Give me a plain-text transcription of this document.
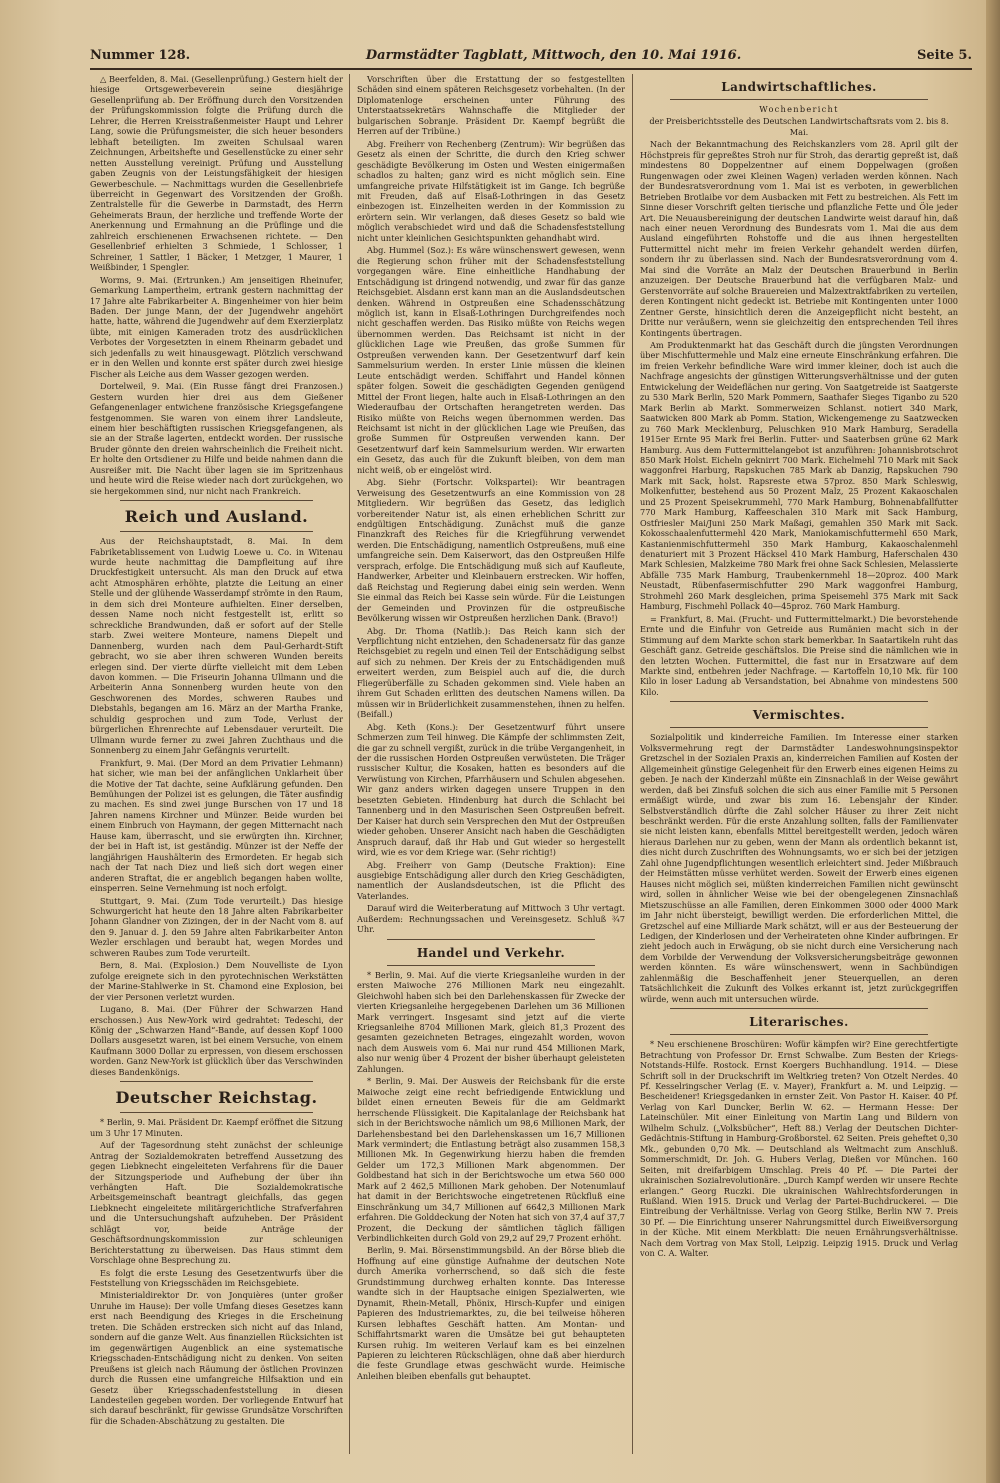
Nummer 128.	Darmstädter Tagblatt, Mittwoch, den 10. Mai 1916.	Seite 5.

△ Beerfelden, 8. Mai. (Gesellenprüfung.) Gestern hielt der hiesige Ortsgewerbeverein seine diesjährige Gesellenprüfung ab. Der Eröffnung durch den Vorsitzenden der Prüfungskommission folgte die Prüfung durch die Lehrer, die Herren Kreisstraßenmeister Haupt und Lehrer Lang, sowie die Prüfungsmeister, die sich heuer besonders lebhaft beteiligten. Im zweiten Schulsaal waren Zeichnungen, Arbeitshefte und Gesellenstücke zu einer sehr netten Ausstellung vereinigt. Prüfung und Ausstellung gaben Zeugnis von der Leistungsfähigkeit der hiesigen Gewerbeschule. — Nachmittags wurden die Gesellenbriefe überreicht in Gegenwart des Vorsitzenden der Großh. Zentralstelle für die Gewerbe in Darmstadt, des Herrn Geheimerats Braun, der herzliche und treffende Worte der Anerkennung und Ermahnung an die Prüflinge und die zahlreich erschienenen Erwachsenen richtete. — Den Gesellenbrief erhielten 3 Schmiede, 1 Schlosser, 1 Schreiner, 1 Sattler, 1 Bäcker, 1 Metzger, 1 Maurer, 1 Weißbinder, 1 Spengler.

Worms, 9. Mai. (Ertrunken.) Am jenseitigen Rheinufer, Gemarkung Lampertheim, ertrank gestern nachmittag der 17 Jahre alte Fabrikarbeiter A. Bingenheimer von hier beim Baden. Der junge Mann, der der Jugendwehr angehört hatte, hatte, während die Jugendwehr auf dem Exerzierplatz übte, mit einigen Kameraden trotz des ausdrücklichen Verbotes der Vorgesetzten in einem Rheinarm gebadet und sich jedenfalls zu weit hinausgewagt. Plötzlich verschwand er in den Wellen und konnte erst später durch zwei hiesige Fischer als Leiche aus dem Wasser gezogen werden.

Dortelweil, 9. Mai. (Ein Russe fängt drei Franzosen.) Gestern wurden hier drei aus dem Gießener Gefangenenlager entwichene französische Kriegsgefangene festgenommen. Sie waren von einem ihrer Landsleute, einem hier beschäftigten russischen Kriegsgefangenen, als sie an der Straße lagerten, entdeckt worden. Der russische Bruder gönnte den dreien wahrscheinlich die Freiheit nicht. Er holte den Ortsdiener zu Hilfe und beide nahmen dann die Ausreißer mit. Die Nacht über lagen sie im Spritzenhaus und heute wird die Reise wieder nach dort zurückgehen, wo sie hergekommen sind, nur nicht nach Frankreich.

Reich und Ausland.

Aus der Reichshauptstadt, 8. Mai. In dem Fabriketablissement von Ludwig Loewe u. Co. in Witenau wurde heute nachmittag die Dampfleitung auf ihre Druckfestigkeit untersucht. Als man den Druck auf etwa acht Atmosphären erhöhte, platzte die Leitung an einer Stelle und der glühende Wasserdampf strömte in den Raum, in dem sich drei Monteure aufhielten. Einer derselben, dessen Name noch nicht festgestellt ist, erlitt so schreckliche Brandwunden, daß er sofort auf der Stelle starb. Zwei weitere Monteure, namens Diepelt und Dannenberg, wurden nach dem Paul-Gerhardt-Stift gebracht, wo sie aber ihren schweren Wunden bereits erlegen sind. Der vierte dürfte vielleicht mit dem Leben davon kommen. — Die Friseurin Johanna Ullmann und die Arbeiterin Anna Sonnenberg wurden heute von den Geschworenen des Mordes, schweren Raubes und Diebstahls, begangen am 16. März an der Martha Franke, schuldig gesprochen und zum Tode, Verlust der bürgerlichen Ehrenrechte auf Lebensdauer verurteilt. Die Ullmann wurde ferner zu zwei Jahren Zuchthaus und die Sonnenberg zu einem Jahr Gefängnis verurteilt.

Frankfurt, 9. Mai. (Der Mord an dem Privatier Lehmann) hat sicher, wie man bei der anfänglichen Unklarheit über die Motive der Tat dachte, seine Aufklärung gefunden. Den Bemühungen der Polizei ist es gelungen, die Täter ausfindig zu machen. Es sind zwei junge Burschen von 17 und 18 Jahren namens Kirchner und Münzer. Beide wurden bei einem Einbruch von Haymann, der gegen Mitternacht nach Hause kam, überrascht, und sie erwürgten ihn. Kirchner, der bei in Haft ist, ist geständig. Münzer ist der Neffe der langjährigen Haushälterin des Ermordeten. Er hegab sich nach der Tat nach Diez und ließ sich dort wegen einer anderen Straftat, die er angeblich begangen haben wollte, einsperren. Seine Vernehmung ist noch erfolgt.

Stuttgart, 9. Mai. (Zum Tode verurteilt.) Das hiesige Schwurgericht hat heute den 18 Jahre alten Fabrikarbeiter Johann Glandner von Zizingen, der in der Nacht vom 8. auf den 9. Januar d. J. den 59 Jahre alten Fabrikarbeiter Anton Wezler erschlagen und beraubt hat, wegen Mordes und schweren Raubes zum Tode verurteilt.

Bern, 8. Mai. (Explosion.) Dem Nouvelliste de Lyon zufolge ereignete sich in den pyrotechnischen Werkstätten der Marine-Stahlwerke in St. Chamond eine Explosion, bei der vier Personen verletzt wurden.

Lugano, 8. Mai. (Der Führer der Schwarzen Hand erschossen.) Aus New-York wird gedrahtet: Tedeschi, der König der „Schwarzen Hand“-Bande, auf dessen Kopf 1000 Dollars ausgesetzt waren, ist bei einem Versuche, von einem Kaufmann 3000 Dollar zu erpressen, von diesem erschossen worden. Ganz New-York ist glücklich über das Verschwinden dieses Bandenkönigs.

Deutscher Reichstag.

* Berlin, 9. Mai. Präsident Dr. Kaempf eröffnet die Sitzung um 3 Uhr 17 Minuten.

Auf der Tagesordnung steht zunächst der schleunige Antrag der Sozialdemokraten betreffend Aussetzung des gegen Liebknecht eingeleiteten Verfahrens für die Dauer der Sitzungsperiode und Aufhebung der über ihn verhängten Haft. Die Sozialdemokratische Arbeitsgemeinschaft beantragt gleichfalls, das gegen Liebknecht eingeleitete militärgerichtliche Strafverfahren und die Untersuchungshaft aufzuheben. Der Präsident schlägt vor, beide Anträge der Geschäftsordnungskommission zur schleunigen Berichterstattung zu überweisen. Das Haus stimmt dem Vorschlage ohne Besprechung zu.

Es folgt die erste Lesung des Gesetzentwurfs über die Feststellung von Kriegsschäden im Reichsgebiete.

Ministerialdirektor Dr. von Jonquières (unter großer Unruhe im Hause): Der volle Umfang dieses Gesetzes kann erst nach Beendigung des Krieges in die Erscheinung treten. Die Schäden erstrecken sich nicht auf das Inland, sondern auf die ganze Welt. Aus finanziellen Rücksichten ist im gegenwärtigen Augenblick an eine systematische Kriegsschaden-Entschädigung nicht zu denken. Von seiten Preußens ist gleich nach Räumung der östlichen Provinzen durch die Russen eine umfangreiche Hilfsaktion und ein Gesetz über Kriegsschadenfeststellung in diesen Landesteilen gegeben worden. Der vorliegende Entwurf hat sich darauf beschränkt, für gewisse Grundsätze Vorschriften für die Schaden-Abschätzung zu gestalten. Die

Vorschriften über die Erstattung der so festgestellten Schäden sind einem späteren Reichsgesetz vorbehalten. (In der Diplomatenloge erscheinen unter Führung des Unterstaatssekretärs Wahnschaffe die Mitglieder der bulgarischen Sobranje. Präsident Dr. Kaempf begrüßt die Herren auf der Tribüne.)

Abg. Freiherr von Rechenberg (Zentrum): Wir begrüßen das Gesetz als einen der Schritte, die durch den Krieg schwer geschädigte Bevölkerung im Osten und Westen einigermaßen schadlos zu halten; ganz wird es nicht möglich sein. Eine umfangreiche private Hilfstätigkeit ist im Gange. Ich begrüße mit Freuden, daß auf Elsaß-Lothringen in das Gesetz einbezogen ist. Einzelheiten werden in der Kommission zu erörtern sein. Wir verlangen, daß dieses Gesetz so bald wie möglich verabschiedet wird und daß die Schadensfeststellung nicht unter kleinlichen Gesichtspunkten gehandhabt wird.

Abg. Hummel (Soz.): Es wäre wünschenswert gewesen, wenn die Regierung schon früher mit der Schadensfeststellung vorgegangen wäre. Eine einheitliche Handhabung der Entschädigung ist dringend notwendig, und zwar für das ganze Reichsgebiet. Alsdann erst kann man an die Auslandsdeutschen denken. Während in Ostpreußen eine Schadensschätzung möglich ist, kann in Elsaß-Lothringen Durchgreifendes noch nicht geschaffen werden. Das Risiko müßte von Reichs wegen übernommen werden. Das Reichsamt ist nicht in der glücklichen Lage wie Preußen, das große Summen für Ostpreußen verwenden kann. Der Gesetzentwurf darf kein Sammelsurium werden. In erster Linie müssen die kleinen Leute entschädigt werden. Schiffahrt und Handel können später folgen. Soweit die geschädigten Gegenden genügend Mittel der Front liegen, halte auch in Elsaß-Lothringen an den Wiederaufbau der Ortschaften herangetreten werden. Das Risiko müßte von Reichs wegen übernommen werden. Das Reichsamt ist nicht in der glücklichen Lage wie Preußen, das große Summen für Ostpreußen verwenden kann. Der Gesetzentwurf darf kein Sammelsurium werden. Wir erwarten ein Gesetz, das auch für die Zukunft bleiben, von dem man nicht weiß, ob er eingelöst wird.

Abg. Siehr (Fortschr. Volkspartei): Wir beantragen Verweisung des Gesetzentwurfs an eine Kommission von 28 Mitgliedern. Wir begrüßen das Gesetz, das lediglich vorbereitender Natur ist, als einen erheblichen Schritt zur endgültigen Entschädigung. Zunächst muß die ganze Finanzkraft des Reiches für die Kriegführung verwendet werden. Die Entschädigung, namentlich Ostpreußens, muß eine umfangreiche sein. Dem Kaiserwort, das den Ostpreußen Hilfe versprach, erfolge. Die Entschädigung muß sich auf Kaufleute, Handwerker, Arbeiter und Kleinbauern erstrecken. Wir hoffen, daß Reichstag und Regierung dabei einig sein werden. Wenn Sie einmal das Reich bei Kasse sein würde. Für die Leistungen der Gemeinden und Provinzen für die ostpreußische Bevölkerung wissen wir Ostpreußen herzlichen Dank. (Bravo!)

Abg. Dr. Thoma (Natlib.): Das Reich kann sich der Verpflichtung nicht entziehen, den Schadenersatz für das ganze Reichsgebiet zu regeln und einen Teil der Entschädigung selbst auf sich zu nehmen. Der Kreis der zu Entschädigenden muß erweitert werden, zum Beispiel auch auf die, die durch Fliegerüberfälle zu Schaden gekommen sind. Viele haben an ihrem Gut Schaden erlitten des deutschen Namens willen. Da müssen wir in Brüderlichkeit zusammenstehen, ihnen zu helfen. (Beifall.)

Abg. Keth (Kons.): Der Gesetzentwurf führt unsere Schmerzen zum Teil hinweg. Die Kämpfe der schlimmsten Zeit, die gar zu schnell vergißt, zurück in die trübe Vergangenheit, in der die russischen Horden Ostpreußen verwüsteten. Die Träger russischer Kultur, die Kosaken, hatten es besonders auf die Verwüstung von Kirchen, Pfarrhäusern und Schulen abgesehen. Wir ganz anders wirken dagegen unsere Truppen in den besetzten Gebieten. Hindenburg hat durch die Schlacht bei Tannenberg und in den Masurischen Seen Ostpreußen befreit. Der Kaiser hat durch sein Versprechen den Mut der Ostpreußen wieder gehoben. Unserer Ansicht nach haben die Geschädigten Anspruch darauf, daß ihr Hab und Gut wieder so hergestellt wird, wie es vor dem Kriege war. (Sehr richtig!)

Abg. Freiherr von Gamp (Deutsche Fraktion): Eine ausgiebige Entschädigung aller durch den Krieg Geschädigten, namentlich der Auslandsdeutschen, ist die Pflicht des Vaterlandes.

Darauf wird die Weiterberatung auf Mittwoch 3 Uhr vertagt. Außerdem: Rechnungssachen und Vereinsgesetz. Schluß ¾7 Uhr.

Handel und Verkehr.

* Berlin, 9. Mai. Auf die vierte Kriegsanleihe wurden in der ersten Maiwoche 276 Millionen Mark neu eingezahlt. Gleichwohl haben sich bei den Darlehenskassen für Zwecke der vierten Kriegsanleihe hergegebenen Darlehen um 36 Millionen Mark verringert. Insgesamt sind jetzt auf die vierte Kriegsanleihe 8704 Millionen Mark, gleich 81,3 Prozent des gesamten gezeichneten Betrages, eingezahlt worden, wovon nach dem Ausweis vom 6. Mai nur rund 454 Millionen Mark, also nur wenig über 4 Prozent der bisher überhaupt geleisteten Zahlungen.

* Berlin, 9. Mai. Der Ausweis der Reichsbank für die erste Maiwoche zeigt eine recht befriedigende Entwicklung und bildet einen erneuten Beweis für die am Geldmarkt herrschende Flüssigkeit. Die Kapitalanlage der Reichsbank hat sich in der Berichtswoche nämlich um 98,6 Millionen Mark, der Darlehensbestand bei den Darlehenskassen um 16,7 Millionen Mark vermindert; die Entlastung beträgt also zusammen 158,3 Millionen Mk. In Gegenwirkung hierzu haben die fremden Gelder um 172,3 Millionen Mark abgenommen. Der Goldbestand hat sich in der Berichtswoche um etwa 560 000 Mark auf 2 462,5 Millionen Mark gehoben. Der Notenumlauf hat damit in der Berichtswoche eingetretenen Rückfluß eine Einschränkung um 34,7 Millionen auf 6642,3 Millionen Mark erfahren. Die Golddeckung der Noten hat sich von 37,4 auf 37,7 Prozent, die Deckung der sämtlichen täglich fälligen Verbindlichkeiten durch Gold von 29,2 auf 29,7 Prozent erhöht.

Berlin, 9. Mai. Börsenstimmungsbild. An der Börse blieb die Hoffnung auf eine günstige Aufnahme der deutschen Note durch Amerika vorherrschend, so daß sich die feste Grundstimmung durchweg erhalten konnte. Das Interesse wandte sich in der Hauptsache einigen Spezialwerten, wie Dynamit, Rhein-Metall, Phönix, Hirsch-Kupfer und einigen Papieren des Industriemarktes, zu, die bei teilweise höheren Kursen lebhaftes Geschäft hatten. Am Montan- und Schiffahrtsmarkt waren die Umsätze bei gut behaupteten Kursen ruhig. Im weiteren Verlauf kam es bei einzelnen Papieren zu leichteren Rückschlägen, ohne daß aber hierdurch die feste Grundlage etwas geschwächt wurde. Heimische Anleihen bleiben ebenfalls gut behauptet.

Landwirtschaftliches.
Wochenbericht
der Preisberichtsstelle des Deutschen Landwirtschaftsrats vom 2. bis 8. Mai.

Nach der Bekanntmachung des Reichskanzlers vom 28. April gilt der Höchstpreis für gepreßtes Stroh nur für Stroh, das derartig gepreßt ist, daß mindestens 80 Doppelzentner auf einem Doppelwagen (großen Rungenwagen oder zwei Kleinen Wagen) verladen werden können. Nach der Bundesratsverordnung vom 1. Mai ist es verboten, in gewerblichen Betrieben Brotlaibe vor dem Ausbacken mit Fett zu bestreichen. Als Fett im Sinne dieser Vorschrift gelten tierische und pflanzliche Fette und Öle jeder Art. Die Neuausbereinigung der deutschen Landwirte weist darauf hin, daß nach einer neuen Verordnung des Bundesrats vom 1. Mai die aus dem Ausland eingeführten Rohstoffe und die aus ihnen hergestellten Futtermittel nicht mehr im freien Verkehr gehandelt werden dürfen, sondern ihr zu überlassen sind. Nach der Bundesratsverordnung vom 4. Mai sind die Vorräte an Malz der Deutschen Brauerbund in Berlin anzuzeigen. Der Deutsche Brauerbund hat die verfügbaren Malz- und Gerstenvorräte auf solche Brauereien und Malzextraktfabriken zu verteilen, deren Kontingent nicht gedeckt ist. Betriebe mit Kontingenten unter 1000 Zentner Gerste, hinsichtlich deren die Anzeigepflicht nicht besteht, an Dritte nur veräußern, wenn sie gleichzeitig den entsprechenden Teil ihres Kontingents übertragen.

Am Produktenmarkt hat das Geschäft durch die jüngsten Verordnungen über Mischfuttermehle und Malz eine erneute Einschränkung erfahren. Die im freien Verkehr befindliche Ware wird immer kleiner, doch ist auch die Nachfrage angesichts der günstigen Witterungsverhältnisse und der guten Entwickelung der Weideflächen nur gering. Von Saatgetreide ist Saatgerste zu 530 Mark Berlin, 520 Mark Pommern, Saathafer Sieges Tiganbo zu 520 Mark Berlin ab Markt. Sommerweizen Schlanst. notiert 340 Mark, Saatwicken 800 Mark ab Pomm. Station, Wickengemenge zu Saatzwecken zu 760 Mark Mecklenburg, Peluschken 910 Mark Hamburg, Seradella 1915er Ernte 95 Mark frei Berlin. Futter- und Saaterbsen grüne 62 Mark Hamburg. Aus dem Futtermittelangebot ist anzuführen: Johannisbrotschrot 850 Mark Holst. Eicheln geknirrt 700 Mark. Eichelmehl 710 Mark mit Sack waggonfrei Harburg, Rapskuchen 785 Mark ab Danzig, Rapskuchen 790 Mark mit Sack, holst. Rapsreste etwa 57proz. 850 Mark Schleswig, Molkenfutter, bestehend aus 50 Prozent Malz, 25 Prozent Kakaoschalen und 25 Prozent Speisekrummehl, 770 Mark Hamburg, Bohnenabfallfutter 770 Mark Hamburg, Kaffeeschalen 310 Mark mit Sack Hamburg, Ostfriesler Mai/Juni 250 Mark Maßagi, gemahlen 350 Mark mit Sack. Kokosschaalenfuttermehl 420 Mark, Maniokamischfuttermehl 650 Mark, Kastanienmischfuttermehl 350 Mark Hamburg, Kakaoschalenmehl denaturiert mit 3 Prozent Häcksel 410 Mark Hamburg, Haferschalen 430 Mark Schlesien, Malzkeime 780 Mark frei ohne Sack Schlesien, Melassierte Abfälle 735 Mark Hamburg, Traubenkernmehl 18—20proz. 400 Mark Neustadt, Rübenfasermischfutter 290 Mark waggonfrei Hamburg, Strohmehl 260 Mark desgleichen, prima Speisemehl 375 Mark mit Sack Hamburg, Fischmehl Pollack 40—45proz. 760 Mark Hamburg.

= Frankfurt, 8. Mai. (Frucht- und Futtermittelmarkt.) Die bevorstehende Ernte und die Einfuhr von Getreide aus Rumänien macht sich in der Stimmung auf dem Markte schon stark bemerkbar. In Saatartikeln ruht das Geschäft ganz. Getreide geschäftslos. Die Preise sind die nämlichen wie in den letzten Wochen. Futtermittel, die fast nur in Ersatzware auf dem Markte sind, entbehren jeder Nachfrage. — Kartoffeln 10,10 Mk. für 100 Kilo in loser Ladung ab Versandstation, bei Abnahme von mindestens 500 Kilo.

Vermischtes.

Sozialpolitik und kinderreiche Familien. Im Interesse einer starken Volksvermehrung regt der Darmstädter Landeswohnungsinspektor Gretzschel in der Sozialen Praxis an, kinderreichen Familien auf Kosten der Allgemeinheit günstige Gelegenheit für den Erwerb eines eigenen Heims zu geben. Je nach der Kinderzahl müßte ein Zinsnachlaß in der Weise gewährt werden, daß bei Zinsfuß solchen die sich aus einer Familie mit 5 Personen ermäßigt würde, und zwar bis zum 16. Lebensjahr der Kinder. Selbstverständlich dürfte die Zahl solcher Häuser zu ihrer Zeit nicht beschränkt werden. Für die erste Anzahlung sollten, falls der Familienvater sie nicht leisten kann, ebenfalls Mittel bereitgestellt werden, jedoch wären hieraus Darlehen nur zu geben, wenn der Mann als ordentlich bekannt ist, dies nicht durch Zuschriften des Wohnungsamts, wo er sich bei der jetzigen Zahl ohne Jugendpflichtungen wesentlich erleichtert sind. Jeder Mißbrauch der Heimstätten müsse verhütet werden. Soweit der Erwerb eines eigenen Hauses nicht möglich sei, müßten kinderreichen Familien nicht gewünscht wird, sollen in ähnlicher Weise wie bei der obengelegenen Zinsnachlaß Mietszuschüsse an alle Familien, deren Einkommen 3000 oder 4000 Mark im Jahr nicht übersteigt, bewilligt werden. Die erforderlichen Mittel, die Gretzschel auf eine Milliarde Mark schätzt, will er aus der Besteuerung der Ledigen, der Kinderlosen und der Verheirateten ohne Kinder aufbringen. Er zieht jedoch auch in Erwägung, ob sie nicht durch eine Versicherung nach dem Vorbilde der Verwendung der Volksversicherungsbeiträge gewonnen werden könnten. Es wäre wünschenswert, wenn in Sachbündigen zahlenmäßig die Beschaffenheit jener Steuerquellen, an deren Tatsächlichkeit die Zukunft des Volkes erkannt ist, jetzt zurückgegriffen würde, wenn auch mit untersuchen würde.

Literarisches.

* Neu erschienene Broschüren: Wofür kämpfen wir? Eine gerechtfertigte Betrachtung von Professor Dr. Ernst Schwalbe. Zum Besten der Kriegs-Notstands-Hilfe. Rostock. Ernst Koergers Buchhandlung. 1914. — Diese Schrift soll in der Druckschrift im Weltkrieg treten? Von Otzelt Nerdes. 40 Pf. Kesselringscher Verlag (E. v. Mayer), Frankfurt a. M. und Leipzig. — Bescheidener! Kriegsgedanken in ernster Zeit. Von Pastor H. Kaiser. 40 Pf. Verlag von Karl Duncker, Berlin W. 62. — Hermann Hesse: Der Lateinschüler. Mit einer Einleitung von Martin Lang und Bildern von Wilhelm Schulz. („Volksbücher“, Heft 88.) Verlag der Deutschen Dichter-Gedächtnis-Stiftung in Hamburg-Großborstel. 62 Seiten. Preis geheftet 0,30 Mk., gebunden 0,70 Mk. — Deutschland als Weltmacht zum Anschluß. Sommerschmidt, Dr. Joh. G. Hubers Verlag, Dießen vor München. 160 Seiten, mit dreifarbigem Umschlag. Preis 40 Pf. — Die Partei der ukrainischen Sozialrevolutionäre. „Durch Kampf werden wir unsere Rechte erlangen.“ Georg Ruczki. Die ukrainischen Wahlrechtsforderungen in Rußland. Wien 1915. Druck und Verlag der Partei-Buchdruckerei. — Die Eintreibung der Verhältnisse. Verlag von Georg Stilke, Berlin NW 7. Preis 30 Pf. — Die Einrichtung unserer Nahrungsmittel durch Eiweißversorgung in der Küche. Mit einem Merkblatt: Die neuen Ernährungsverhältnisse. Nach dem Vortrag von Max Stoll, Leipzig. Leipzig 1915. Druck und Verlag von C. A. Walter.
